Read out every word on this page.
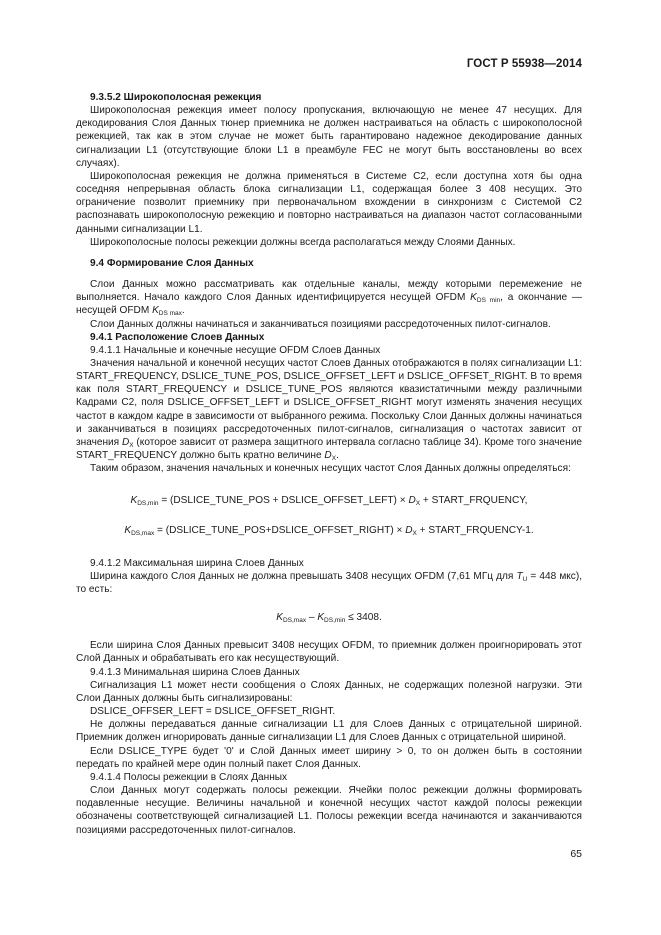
ГОСТ Р 55938—2014

9.3.5.2 Широкополосная режекция

Широкополосная режекция имеет полосу пропускания, включающую не менее 47 несущих. Для декодирования Слоя Данных тюнер приемника не должен настраиваться на область с широкополосной режекцией, так как в этом случае не может быть гарантировано надежное декодирование данных сигнализации L1 (отсутствующие блоки L1 в преамбуле FEC не могут быть восстановлены во всех случаях).

Широкополосная режекция не должна применяться в Системе С2, если доступна хотя бы одна соседняя непрерывная область блока сигнализации L1, содержащая более 3 408 несущих. Это ограничение позволит приемнику при первоначальном вхождении в синхронизм с Системой С2 распознавать широкополосную режекцию и повторно настраиваться на диапазон частот согласованными данными сигнализации L1.

Широкополосные полосы режекции должны всегда располагаться между Слоями Данных.

9.4 Формирование Слоя Данных

Слои Данных можно рассматривать как отдельные каналы, между которыми перемежение не выполняется. Начало каждого Слоя Данных идентифицируется несущей OFDM $K_{DS min}$, а окончание — несущей OFDM $K_{DS max}$.

Слои Данных должны начинаться и заканчиваться позициями рассредоточенных пилот-сигналов.

9.4.1 Расположение Слоев Данных

9.4.1.1 Начальные и конечные несущие OFDM Слоев Данных

Значения начальной и конечной несущих частот Слоев Данных отображаются в полях сигнализации L1: START_FREQUENCY, DSLICE_TUNE_POS, DSLICE_OFFSET_LEFT и DSLICE_OFFSET_RIGHT. В то время как поля START_FREQUENCY и DSLICE_TUNE_POS являются квазистатичными между различными Кадрами С2, поля DSLICE_OFFSET_LEFT и DSLICE_OFFSET_RIGHT могут изменять значения несущих частот в каждом кадре в зависимости от выбранного режима. Поскольку Слои Данных должны начинаться и заканчиваться в позициях рассредоточенных пилот-сигналов, сигнализация о частотах зависит от значения $D_X$ (которое зависит от размера защитного интервала согласно таблице 34). Кроме того значение START_FREQUENCY должно быть кратно величине $D_X$.

Таким образом, значения начальных и конечных несущих частот Слоя Данных должны определяться:

$K_{DS,min}$ = (DSLICE_TUNE_POS + DSLICE_OFFSET_LEFT) × $D_X$ + START_FRQUENCY,

$K_{DS,max}$ = (DSLICE_TUNE_POS+DSLICE_OFFSET_RIGHT) × $D_X$ + START_FRQUENCY-1.

9.4.1.2 Максимальная ширина Слоев Данных

Ширина каждого Слоя Данных не должна превышать 3408 несущих OFDM (7,61 МГц для $T_U = 448$ мкс), то есть:

$K_{DS,max} - K_{DS,min} \le 3408$.

Если ширина Слоя Данных превысит 3408 несущих OFDM, то приемник должен проигнорировать этот Слой Данных и обрабатывать его как несуществующий.

9.4.1.3 Минимальная ширина Слоев Данных

Сигнализация L1 может нести сообщения о Слоях Данных, не содержащих полезной нагрузки. Эти Слои Данных должны быть сигнализированы:

DSLICE_OFFSER_LEFT = DSLICE_OFFSET_RIGHT.

Не должны передаваться данные сигнализации L1 для Слоев Данных с отрицательной шириной. Приемник должен игнорировать данные сигнализации L1 для Слоев Данных с отрицательной шириной.

Если DSLICE_TYPE будет '0' и Слой Данных имеет ширину > 0, то он должен быть в состоянии передать по крайней мере один полный пакет Слоя Данных.

9.4.1.4 Полосы режекции в Слоях Данных

Слои Данных могут содержать полосы режекции. Ячейки полос режекции должны формировать подавленные несущие. Величины начальной и конечной несущих частот каждой полосы режекции обозначены соответствующей сигнализацией L1. Полосы режекции всегда начинаются и заканчиваются позициями рассредоточенных пилот-сигналов.

65
